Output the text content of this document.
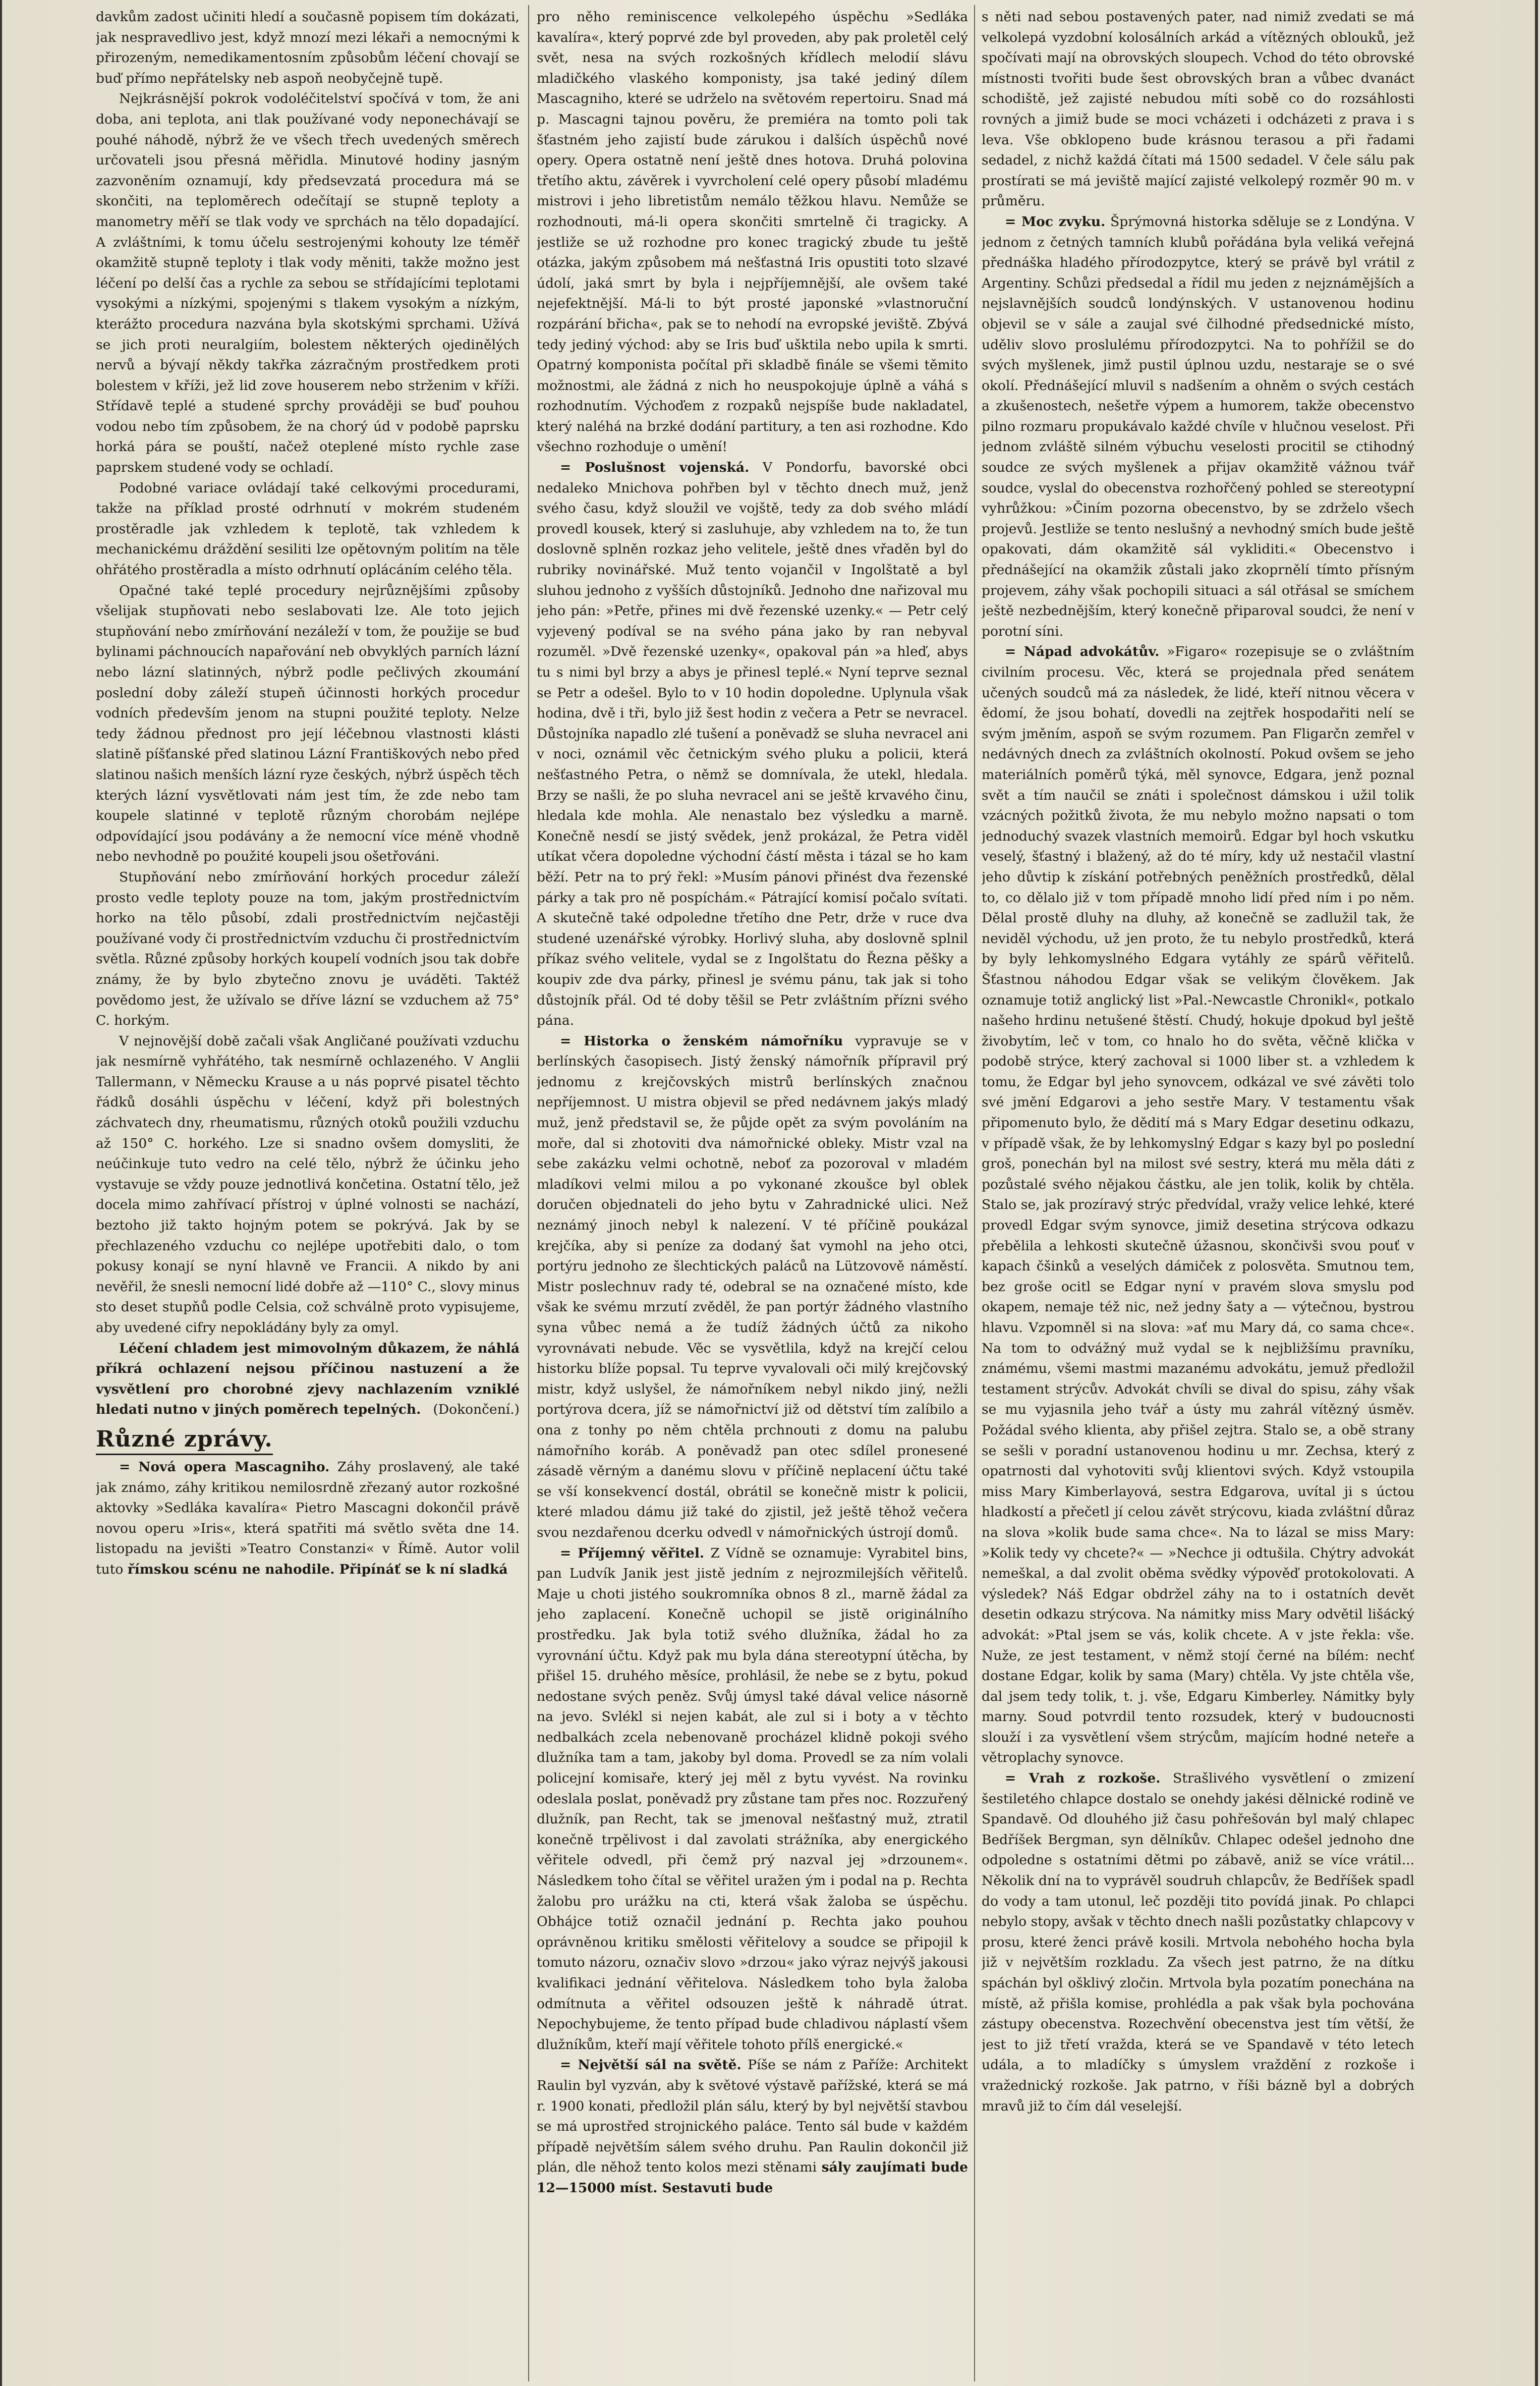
davkům zadost učiniti hledí a současně popisem tím dokázati, jak nespravedlivo jest, když mnozí mezi lékaři a nemocnými k přirozeným, nemedikamentosním způsobům léčení chovají se buď přímo nepřátelsky neb aspoň neobyčejně tupě.

Nejkrásnější pokrok vodoléčitelství spočívá v tom, že ani doba, ani teplota, ani tlak používané vody neponechávají se pouhé náhodě, nýbrž že ve všech třech uvedených směrech určovateli jsou přesná měřidla. Minutové hodiny jasným zazvoněním oznamují, kdy předsevzatá procedura má se skončiti, na teploměrech odečítají se stupně teploty a manometry měří se tlak vody ve sprchách na tělo dopadající. A zvláštními, k tomu účelu sestrojenými kohouty lze téměř okamžitě stupně teploty i tlak vody měniti, takže možno jest léčení po delší čas a rychle za sebou se střídajícími teplotami vysokými a nízkými, spojenými s tlakem vysokým a nízkým, kterážto procedura nazvána byla skotskými sprchami. Užívá se jich proti neuralgiím, bolestem některých ojedinělých nervů a bývají někdy takřka zázračným prostředkem proti bolestem v kříži, jež lid zove houserem nebo strženim v kříži. Střídavě teplé a studené sprchy prováději se buď pouhou vodou nebo tím způsobem, že na chorý úd v podobě paprsku horká pára se pouští, načež oteplené místo rychle zase paprskem studené vody se ochladí.

Podobné variace ovládají také celkovými procedurami, takže na příklad prosté odrhnutí v mokrém studeném prostěradle jak vzhledem k teplotě, tak vzhledem k mechanickému dráždění sesiliti lze opětovným politím na těle ohřátého prostěradla a místo odrhnutí oplácáním celého těla.

Opačné také teplé procedury nejrůznějšími způsoby všelijak stupňovati nebo seslabovati lze. Ale toto jejich stupňování nebo zmírňování nezáleží v tom, že použije se buď bylinami páchnoucích napařování neb obvyklých parních lázní nebo lázní slatinných, nýbrž podle pečlivých zkoumání poslední doby záleží stupeň účinnosti horkých procedur vodních především jenom na stupni použité teploty. Nelze tedy žádnou přednost pro její léčebnou vlastnosti klásti slatině píšťanské před slatinou Lázní Františkových nebo před slatinou našich menších lázní ryze českých, nýbrž úspěch těch kterých lázní vysvětlovati nám jest tím, že zde nebo tam koupele slatinné v teplotě různým chorobám nejlépe odpovídající jsou podávány a že nemocní více méně vhodně nebo nevhodně po použité koupeli jsou ošetřováni.

Stupňování nebo zmírňování horkých procedur záleží prosto vedle teploty pouze na tom, jakým prostřednictvím horko na tělo působí, zdali prostřednictvím nejčastěji používané vody či prostřednictvím vzduchu či prostřednictvím světla. Různé způsoby horkých koupelí vodních jsou tak dobře známy, že by bylo zbytečno znovu je uváděti. Taktéž povědomo jest, že užívalo se dříve lázní se vzduchem až 75° C. horkým.

V nejnovější době začali však Angličané používati vzduchu jak nesmírně vyhřátého, tak nesmírně ochlazeného. V Anglii Tallermann, v Německu Krause a u nás poprvé pisatel těchto řádků dosáhli úspěchu v léčení, když při bolestných záchvatech dny, rheumatismu, různých otoků použili vzduchu až 150° C. horkého. Lze si snadno ovšem domysliti, že neúčinkuje tuto vedro na celé tělo, nýbrž že účinku jeho vystavuje se vždy pouze jednotlivá končetina. Ostatní tělo, jež docela mimo zahřívací přístroj v úplné volnosti se nachází, beztoho již takto hojným potem se pokrývá. Jak by se přechlazeného vzduchu co nejlépe upotřebiti dalo, o tom pokusy konají se nyní hlavně ve Francii. A nikdo by ani nevěřil, že snesli nemocní lidé dobře až —110° C., slovy minus sto deset stupňů podle Celsia, což schválně proto vypisujeme, aby uvedené cifry nepokládány byly za omyl.

Léčení chladem jest mimovolným důkazem, že náhlá příkrá ochlazení nejsou příčinou nastuzení a že vysvětlení pro chorobné zjevy nachlazením vzniklé hledati nutno v jiných poměrech tepelných. (Dokončení.)

Různé zprávy.

= Nová opera Mascagniho. Záhy proslavený, ale také jak známo, záhy kritikou nemilosrdně zřezaný autor rozkošné aktovky »Sedláka kavalíra« Pietro Mascagni dokončil právě novou operu »Iris«, která spatřiti má světlo světa dne 14. listopadu na jevišti »Teatro Constanzi« v Římě. Autor volil tuto římskou scénu ne nahodile. Připínáť se k ní sladká

pro něho reminiscence velkolepého úspěchu »Sedláka kavalíra«, který poprvé zde byl proveden, aby pak proletěl celý svět, nesa na svých rozkošných křídlech melodií slávu mladičkého vlaského komponisty, jsa také jediný dílem Mascagniho, které se udrželo na světovém repertoiru. Snad má p. Mascagni tajnou pověru, že premiéra na tomto poli tak šťastném jeho zajistí bude zárukou i dalších úspěchů nové opery. Opera ostatně není ještě dnes hotova. Druhá polovina třetího aktu, závěrek i vyvrcholení celé opery působí mladému mistrovi i jeho libretistům nemálo těžkou hlavu. Nemůže se rozhodnouti, má-li opera skončiti smrtelně či tragicky. A jestliže se už rozhodne pro konec tragický zbude tu ještě otázka, jakým způsobem má nešťastná Iris opustiti toto slzavé údolí, jaká smrt by byla i nejpříjemnější, ale ovšem také nejefektnější. Má-li to být prosté japonské »vlastnoruční rozpárání břicha«, pak se to nehodí na evropské jeviště. Zbývá tedy jediný východ: aby se Iris buď ušktila nebo upila k smrti. Opatrný komponista počítal při skladbě finále se všemi těmito možnostmi, ale žádná z nich ho neuspokojuje úplně a váhá s rozhodnutím. Výchoďem z rozpaků nejspíše bude nakladatel, který naléhá na brzké dodání partitury, a ten asi rozhodne. Kdo všechno rozhoduje o umění!

= Poslušnost vojenská. V Pondorfu, bavorské obci nedaleko Mnichova pohřben byl v těchto dnech muž, jenž svého času, když sloužil ve vojště, tedy za dob svého mládí provedl kousek, který si zasluhuje, aby vzhledem na to, že tun doslovně splněn rozkaz jeho velitele, ještě dnes vřaděn byl do rubriky novinářské. Muž tento vojančil v Ingolštatě a byl sluhou jednoho z vyšších důstojníků. Jednoho dne nařizoval mu jeho pán: »Petře, přines mi dvě řezenské uzenky.« — Petr celý vyjevený podíval se na svého pána jako by ran nebyval rozuměl. »Dvě řezenské uzenky«, opakoval pán »a hleď, abys tu s nimi byl brzy a abys je přinesl teplé.« Nyní teprve seznal se Petr a odešel. Bylo to v 10 hodin dopoledne. Uplynula však hodina, dvě i tři, bylo již šest hodin z večera a Petr se nevracel. Důstojníka napadlo zlé tušení a poněvadž se sluha nevracel ani v noci, oznámil věc četnickým svého pluku a policii, která nešťastného Petra, o němž se domnívala, že utekl, hledala. Brzy se našli, že po sluha nevracel ani se ještě krvavého činu, hledala kde mohla. Ale nenastalo bez výsledku a marně. Konečně nesdí se jistý svědek, jenž prokázal, že Petra viděl utíkat včera dopoledne východní částí města i tázal se ho kam běží. Petr na to prý řekl: »Musím pánovi přinést dva řezenské párky a tak pro ně pospíchám.« Pátrající komisí počalo svítati. A skutečně také odpoledne třetího dne Petr, drže v ruce dva studené uzenářské výrobky. Horlivý sluha, aby doslovně splnil příkaz svého velitele, vydal se z Ingolštatu do Řezna pěšky a koupiv zde dva párky, přinesl je svému pánu, tak jak si toho důstojník přál. Od té doby těšil se Petr zvláštním přízni svého pána.

= Historka o ženském námořníku vypravuje se v berlínských časopisech. Jistý ženský námořník přípravil prý jednomu z krejčovských mistrů berlínských značnou nepříjemnost. U mistra objevil se před nedávnem jakýs mladý muž, jenž představil se, že půjde opět za svým povoláním na moře, dal si zhotoviti dva námořnické obleky. Mistr vzal na sebe zakázku velmi ochotně, neboť za pozoroval v mladém mladíkovi velmi milou a po vykonané zkoušce byl oblek doručen objednateli do jeho bytu v Zahradnické ulici. Než neznámý jinoch nebyl k nalezení. V té příčině poukázal krejčíka, aby si peníze za dodaný šat vymohl na jeho otci, portýru jednoho ze šlechtických paláců na Lützovově náměstí. Mistr poslechnuv rady té, odebral se na označené místo, kde však ke svému mrzutí zvěděl, že pan portýr žádného vlastního syna vůbec nemá a že tudíž žádných účtů za nikoho vyrovnávati nebude. Věc se vysvětlila, když na krejčí celou historku blíže popsal. Tu teprve vyvalovali oči milý krejčovský mistr, když uslyšel, že námořníkem nebyl nikdo jiný, nežli portýrova dcera, jíž se námořnictví již od dětství tím zalíbilo a ona z tonhy po něm chtěla prchnouti z domu na palubu námořního koráb. A poněvadž pan otec sdílel pronesené zásadě věrným a danému slovu v příčině neplacení účtu také se vší konsekvencí dostál, obrátil se konečně mistr k policii, které mladou dámu již také do zjistil, jež ještě těhož večera svou nezdařenou dcerku odvedl v námořnických ústrojí domů.

= Příjemný věřitel. Z Vídně se oznamuje: Vyrabitel bins, pan Ludvík Janik jest jistě jedním z nejrozmilejších věřitelů. Maje u choti jistého soukromníka obnos 8 zl., marně žádal za jeho zaplacení. Konečně uchopil se jistě originálního prostředku. Jak byla totiž svého dlužníka, žádal ho za vyrovnání účtu. Když pak mu byla dána stereotypní útěcha, by přišel 15. druhého měsíce, prohlásil, že nebe se z bytu, pokud nedostane svých peněz. Svůj úmysl také dával velice násorně na jevo. Svlékl si nejen kabát, ale zul si i boty a v těchto nedbalkách zcela nebenovaně procházel klidně pokoji svého dlužníka tam a tam, jakoby byl doma. Provedl se za ním volali policejní komisaře, který jej měl z bytu vyvést. Na rovinku odeslala poslat, poněvadž pry zůstane tam přes noc. Rozzuřený dlužník, pan Recht, tak se jmenoval nešťastný muž, ztratil konečně trpělivost i dal zavolati strážníka, aby energického věřitele odvedl, při čemž prý nazval jej »drzounem«. Následkem toho čítal se věřitel uražen ým i podal na p. Rechta žalobu pro urážku na cti, která však žaloba se úspěchu. Obhájce totiž označil jednání p. Rechta jako pouhou oprávněnou kritiku smělosti věřitelovy a soudce se připojil k tomuto názoru, označiv slovo »drzou« jako výraz nejvýš jakousi kvalifikaci jednání věřitelova. Následkem toho byla žaloba odmítnuta a věřitel odsouzen ještě k náhradě útrat. Nepochybujeme, že tento případ bude chladivou náplastí všem dlužníkům, kteří mají věřitele tohoto přílš energické.«

= Největší sál na světě. Píše se nám z Paříže: Architekt Raulin byl vyzván, aby k světové výstavě pařížské, která se má r. 1900 konati, předložil plán sálu, který by byl největší stavbou se má uprostřed strojnického paláce. Tento sál bude v každém případě největším sálem svého druhu. Pan Raulin dokončil již plán, dle něhož tento kolos mezi stěnami sály zaujímati bude 12—15000 míst. Sestavuti bude

s něti nad sebou postavených pater, nad nimiž zvedati se má velkolepá vyzdobní kolosálních arkád a vítězných oblouků, jež spočívati mají na obrovských sloupech. Vchod do této obrovské místnosti tvořiti bude šest obrovských bran a vůbec dvanáct schodiště, jež zajisté nebudou míti sobě co do rozsáhlosti rovných a jimiž bude se moci vcházeti i odcházeti z prava i s leva. Vše obklopeno bude krásnou terasou a při řadami sedadel, z nichž každá čítati má 1500 sedadel. V čele sálu pak prostírati se má jeviště mající zajisté velkolepý rozměr 90 m. v průměru.

= Moc zvyku. Šprýmovná historka sděluje se z Londýna. V jednom z četných tamních klubů pořádána byla veliká veřejná přednáška hladého přírodozpytce, který se právě byl vrátil z Argentiny. Schůzi předsedal a řídil mu jeden z nejznámějších a nejslavnějších soudců londýnských. V ustanovenou hodinu objevil se v sále a zaujal své čilhodné předsednické místo, uděliv slovo proslulému přírodozpytci. Na to pohřížil se do svých myšlenek, jimž pustil úplnou uzdu, nestaraje se o své okolí. Přednášející mluvil s nadšením a ohněm o svých cestách a zkušenostech, nešetře výpem a humorem, takže obecenstvo pilno rozmaru propukávalo každé chvíle v hlučnou veselost. Při jednom zvláště silném výbuchu veselosti procitil se ctihodný soudce ze svých myšlenek a přijav okamžitě vážnou tvář soudce, vyslal do obecenstva rozhořčený pohled se stereotypní vyhrůžkou: »Činím pozorna obecenstvo, by se zdrželo všech projevů. Jestliže se tento neslušný a nevhodný smích bude ještě opakovati, dám okamžitě sál vykliditi.« Obecenstvo i přednášející na okamžik zůstali jako zkoprnělí tímto přísným projevem, záhy však pochopili situaci a sál otřásal se smíchem ještě nezbednějším, který konečně připaroval soudci, že není v porotní síni.

= Nápad advokátův. »Figaro« rozepisuje se o zvláštním civilním procesu. Věc, která se projednala před senátem učených soudců má za následek, že lidé, kteří nitnou věcera v ědomí, že jsou bohatí, dovedli na zejtřek hospodařiti nelí se svým jměním, aspoň se svým rozumem. Pan Fligarčn zemřel v nedávných dnech za zvláštních okolností. Pokud ovšem se jeho materiálních poměrů týká, měl synovce, Edgara, jenž poznal svět a tím naučil se znáti i společnost dámskou i užil tolik vzácných požitků života, že mu nebylo možno napsati o tom jednoduchý svazek vlastních memoirů. Edgar byl hoch vskutku veselý, šťastný i blažený, až do té míry, kdy už nestačil vlastní jeho důvtip k získání potřebných peněžních prostředků, dělal to, co dělalo již v tom případě mnoho lidí před ním i po něm. Dělal prostě dluhy na dluhy, až konečně se zadlužil tak, že neviděl východu, už jen proto, že tu nebylo prostředků, která by byly lehkomyslného Edgara vytáhly ze spárů věřitelů. Šťastnou náhodou Edgar však se velikým člověkem. Jak oznamuje totiž anglický list »Pal.-Newcastle Chronikl«, potkalo našeho hrdinu netušené štěstí. Chudý, hokuje dpokud byl ještě živobytím, leč v tom, co hnalo ho do světa, věčně klička v podobě strýce, který zachoval si 1000 liber st. a vzhledem k tomu, že Edgar byl jeho synovcem, odkázal ve své závěti tolo své jmění Edgarovi a jeho sestře Mary. V testamentu však připomenuto bylo, že dědití má s Mary Edgar desetinu odkazu, v případě však, že by lehkomyslný Edgar s kazy byl po poslední groš, ponechán byl na milost své sestry, která mu měla dáti z pozůstalé svého nějakou částku, ale jen tolik, kolik by chtěla. Stalo se, jak prozíravý strýc předvídal, vražy velice lehké, které provedl Edgar svým synovce, jimiž desetina strýcova odkazu přebělila a lehkosti skutečně úžasnou, skončivši svou pouť v kapach čšinků a veselých dámiček z polosvěta. Smutnou tem, bez groše ocitl se Edgar nyní v pravém slova smyslu pod okapem, nemaje též nic, než jedny šaty a — výtečnou, bystrou hlavu. Vzpomněl si na slova: »ať mu Mary dá, co sama chce«. Na tom to odvážný muž vydal se k nejbližšímu pravníku, známému, všemi mastmi mazanému advokátu, jemuž předložil testament strýcův. Advokát chvíli se dival do spisu, záhy však se mu vyjasnila jeho tvář a ústy mu zahrál vítězný úsměv. Požádal svého klienta, aby přišel zejtra. Stalo se, a obě strany se sešli v poradní ustanovenou hodinu u mr. Zechsa, který z opatrnosti dal vyhotoviti svůj klientovi svých. Když vstoupila miss Mary Kimberlayová, sestra Edgarova, uvítal ji s úctou hladkostí a přečetl jí celou závět strýcovu, kiada zvláštní důraz na slova »kolik bude sama chce«. Na to lázal se miss Mary: »Kolik tedy vy chcete?« — »Nechce ji odtušila. Chýtry advokát nemeškal, a dal zvolit oběma svědky výpověď protokolovati. A výsledek? Náš Edgar obdržel záhy na to i ostatních devět desetin odkazu strýcova. Na námitky miss Mary odvětil lišácký advokát: »Ptal jsem se vás, kolik chcete. A v jste řekla: vše. Nuže, ze jest testament, v němž stojí černé na bílém: nechť dostane Edgar, kolik by sama (Mary) chtěla. Vy jste chtěla vše, dal jsem tedy tolik, t. j. vše, Edgaru Kimberley. Námitky byly marny. Soud potvrdil tento rozsudek, který v budoucnosti slouží i za vysvětlení všem strýcům, majícím hodné neteře a větroplachy synovce.

= Vrah z rozkoše. Strašlivého vysvětlení o zmizení šestiletého chlapce dostalo se onehdy jakési dělnické rodině ve Spandavě. Od dlouhého již času pohřešován byl malý chlapec Bedříšek Bergman, syn dělníkův. Chlapec odešel jednoho dne odpoledne s ostatními dětmi po zábavě, aniž se více vrátil... Několik dní na to vyprávěl soudruh chlapcův, že Bedříšek spadl do vody a tam utonul, leč později tito povídá jinak. Po chlapci nebylo stopy, avšak v těchto dnech našli pozůstatky chlapcovy v prosu, které ženci právě kosili. Mrtvola nebohého hocha byla již v největším rozkladu. Za všech jest patrno, že na dítku spáchán byl ošklivý zločin. Mrtvola byla pozatím ponechána na místě, až přišla komise, prohlédla a pak však byla pochována zástupy obecenstva. Rozechvění obecenstva jest tím větší, že jest to již třetí vražda, která se ve Spandavě v této letech udála, a to mladíčky s úmyslem vraždění z rozkoše i vražednický rozkoše. Jak patrno, v říši bázně byl a dobrých mravů již to čím dál veselejší.
